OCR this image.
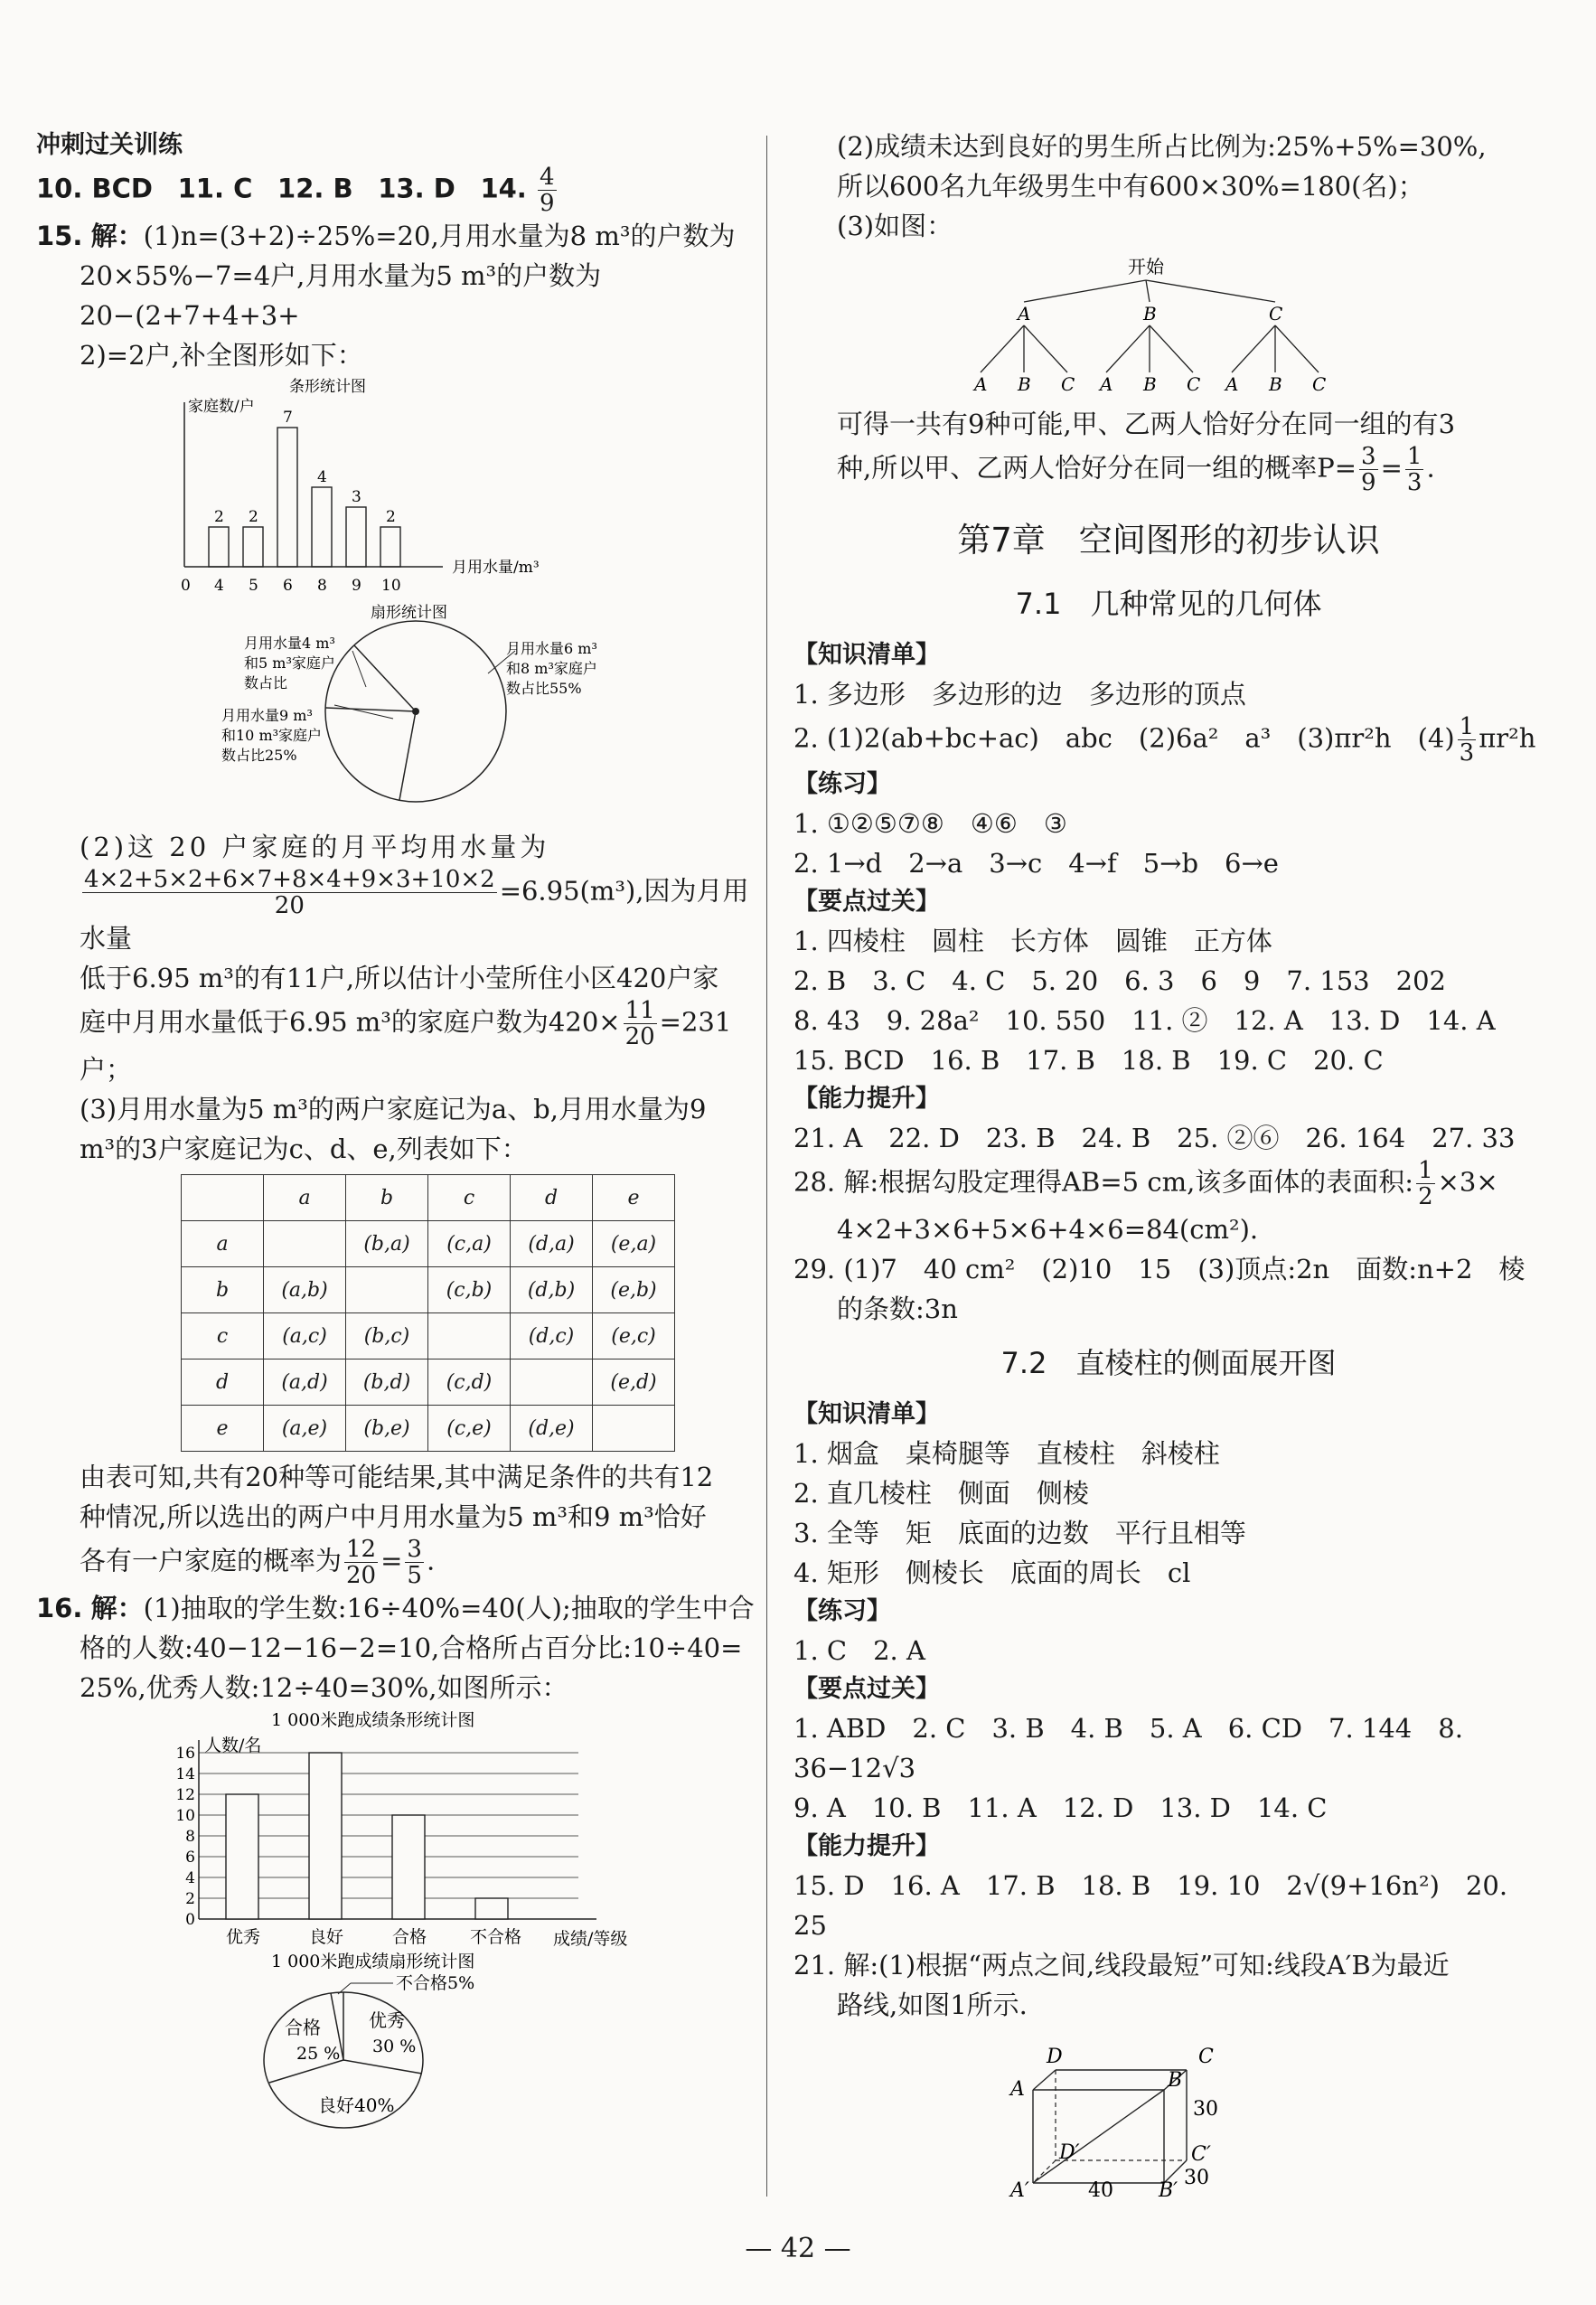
冲刺过关训练

10. BCD 11. C 12. B 13. D 14. $\frac{4}{9}$

15. 解：(1)n=(3+2)÷25%=20,月用水量为8 m³的户数为

20×55%−7=4户,月用水量为5 m³的户数为20−(2+7+4+3+

2)=2户,补全图形如下：

条形统计图
家庭数/户
月用水量/m³
2 2
7
4
3
2
0 4 5 6 8 9 10
扇形统计图
月用水量4 m³
和5 m³家庭户
数占比
月用水量6 m³
和8 m³家庭户
数占比55%
月用水量9 m³
和10 m³家庭户
数占比25%

(2)这 20 户家庭的月平均用水量为

$\frac{4\times 2+5\times 2+6\times 7+8\times 4+9\times 3+10\times 2}{20} =6.95(m^3)$,因为月用水量

低于6.95 m³的有11户,所以估计小莹所住小区420户家

庭中月用水量低于6.95 m³的家庭户数为$420\times \frac{11}{20} =231$户；

(3)月用水量为5 m³的两户家庭记为a、b,月用水量为9

m³的3户家庭记为c、d、e,列表如下：

	a	b	c	d	e
a		(b,a)	(c,a)	(d,a)	(e,a)
b	(a,b)		(c,b)	(d,b)	(e,b)
c	(a,c)	(b,c)		(d,c)	(e,c)
d	(a,d)	(b,d)	(c,d)		(e,d)
e	(a,e)	(b,e)	(c,e)	(d,e)	

由表可知,共有20种等可能结果,其中满足条件的共有12

种情况,所以选出的两户中月用水量为5 m³和9 m³恰好

各有一户家庭的概率为 $\frac{12}{20} = \frac{3}{5}$ .

16. 解：(1)抽取的学生数:16÷40%=40(人);抽取的学生中合

格的人数:40−12−16−2=10,合格所占百分比:10÷40=

25%,优秀人数:12÷40=30%,如图所示：

1 000米跑成绩条形统计图
人数/名
0
2
4
6
8
10
12
14
16
优秀	良好	合格	不合格 成绩/等级
1 000米跑成绩扇形统计图
不合格5%
优秀
30 %
合格
25 %
良好40%

(2)成绩未达到良好的男生所占比例为:25%+5%=30%,

所以600名九年级男生中有600×30%=180(名)；

(3)如图：

开始
A	B	C
A B C A B C A B C

可得一共有9种可能,甲、乙两人恰好分在同一组的有3

种,所以甲、乙两人恰好分在同一组的概率$P= \frac{3}{9} = \frac{1}{3}$ .

第7章　空间图形的初步认识
7.1　几种常见的几何体

【知识清单】

1. 多边形　多边形的边　多边形的顶点

2. (1)2(ab+bc+ac)　abc　(2)6a²　a³　(3)πr²h　$(4) \frac{1}{3} \pi r^2h$

【练习】

1. ①②⑤⑦⑧　④⑥　③

2. 1→d　2→a　3→c　4→f　5→b　6→e

【要点过关】

1. 四棱柱　圆柱　长方体　圆锥　正方体

2. B　3. C　4. C　5. 20　6. 3　6　9　7. 153　202

8. 43　9. 28a²　10. 550　11. ②　12. A　13. D　14. A

15. BCD　16. B　17. B　18. B　19. C　20. C

【能力提升】

21. A　22. D　23. B　24. B　25. ②⑥　26. 164　27. 33

28. 解:根据勾股定理得AB=5 cm,该多面体的表面积: $\frac{1}{2} \times 3\times$

4×2+3×6+5×6+4×6=84(cm²).

29. (1)7　40 cm²　(2)10　15　(3)顶点:2n　面数:n+2　棱

的条数:3n

7.2　直棱柱的侧面展开图

【知识清单】

1. 烟盒　桌椅腿等　直棱柱　斜棱柱

2. 直几棱柱　侧面　侧棱

3. 全等　矩　底面的边数　平行且相等

4. 矩形　侧棱长　底面的周长　cl

【练习】

1. C　2. A

【要点过关】

1. ABD　2. C　3. B　4. B　5. A　6. CD　7. 144　8. 36−12√3

9. A　10. B　11. A　12. D　13. D　14. C

【能力提升】

15. D　16. A　17. B　18. B　19. 10　2√(9+16n²)　20. 25

21. 解:(1)根据“两点之间,线段最短”可知:线段A′B为最近

路线,如图1所示.

D	C
A	B
30
C′
D′
30
A′	40 B′
— 42 —
